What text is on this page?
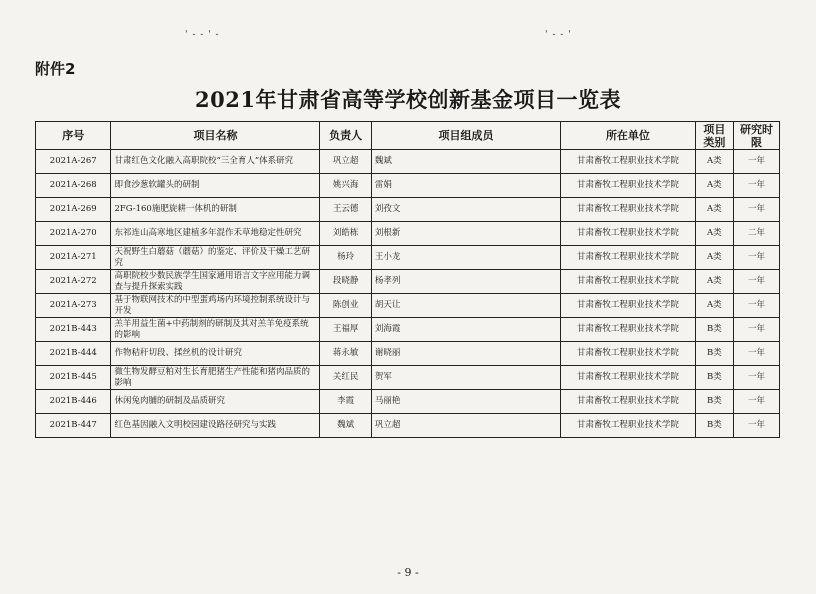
' - - ' -	' - - '
附件2
2021年甘肃省高等学校创新基金项目一览表
序号	项目名称	负责人	项目组成员	所在单位	项目类别	研究时限
2021A-267	甘肃红色文化融入高职院校“三全育人”体系研究	巩立超	魏斌	甘肃畜牧工程职业技术学院	A类	一年
2021A-268	即食沙葱软罐头的研制	姚兴海	雷娟	甘肃畜牧工程职业技术学院	A类	一年
2021A-269	2FG-160施肥旋耕一体机的研制	王云德	刘孜文	甘肃畜牧工程职业技术学院	A类	一年
2021A-270	东祁连山高寒地区建植多年混作禾草地稳定性研究	刘皓栋	刘根新	甘肃畜牧工程职业技术学院	A类	二年
2021A-271	天祝野生白蘑菇（蘑菇）的鉴定、评价及干燥工艺研究	杨玲	王小龙	甘肃畜牧工程职业技术学院	A类	一年
2021A-272	高职院校少数民族学生国家通用语言文字应用能力调查与提升探索实践	段晓静	杨孝列	甘肃畜牧工程职业技术学院	A类	一年
2021A-273	基于物联网技术的中型蛋鸡场内环境控制系统设计与开发	陈创业	胡天让	甘肃畜牧工程职业技术学院	A类	一年
2021B-443	羔羊用益生菌+中药制剂的研制及其对羔羊免疫系统的影响	王福厚	刘海霞	甘肃畜牧工程职业技术学院	B类	一年
2021B-444	作物秸秆切段、揉丝机的设计研究	蒋永敏	谢晓丽	甘肃畜牧工程职业技术学院	B类	一年
2021B-445	微生物发酵豆粕对生长育肥猪生产性能和猪肉品质的影响	关红民	贺军	甘肃畜牧工程职业技术学院	B类	一年
2021B-446	休闲兔肉脯的研制及品质研究	李霞	马丽艳	甘肃畜牧工程职业技术学院	B类	一年
2021B-447	红色基因融入文明校园建设路径研究与实践	魏斌	巩立超	甘肃畜牧工程职业技术学院	B类	一年
- 9 -
